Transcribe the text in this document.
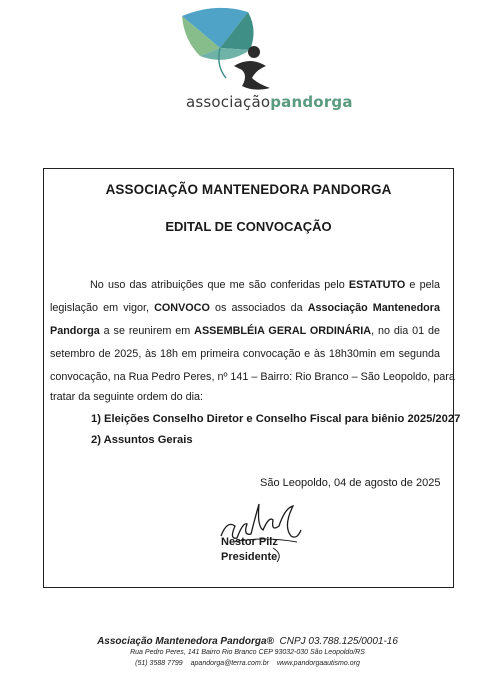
associaçãopandorga
ASSOCIAÇÃO MANTENEDORA PANDORGA
EDITAL DE CONVOCAÇÃO
No uso das atribuições que me são conferidas pelo ESTATUTO e pela
legislação em vigor, CONVOCO os associados da Associação Mantenedora
Pandorga a se reunirem em ASSEMBLÉIA GERAL ORDINÁRIA, no dia 01 de
setembro de 2025, às 18h em primeira convocação e às 18h30min em segunda
convocação, na Rua Pedro Peres, nº 141 – Bairro: Rio Branco – São Leopoldo, para
tratar da seguinte ordem do dia:
1) Eleições Conselho Diretor e Conselho Fiscal para biênio 2025/2027
2) Assuntos Gerais
São Leopoldo, 04 de agosto de 2025
Nestor Pilz
Presidente
Associação Mantenedora Pandorga® CNPJ 03.788.125/0001-16
Rua Pedro Peres, 141 Bairro Rio Branco CEP 93032-030 São Leopoldo/RS
(51) 3588 7799 apandorga@terra.com.br www.pandorgaautismo.org
